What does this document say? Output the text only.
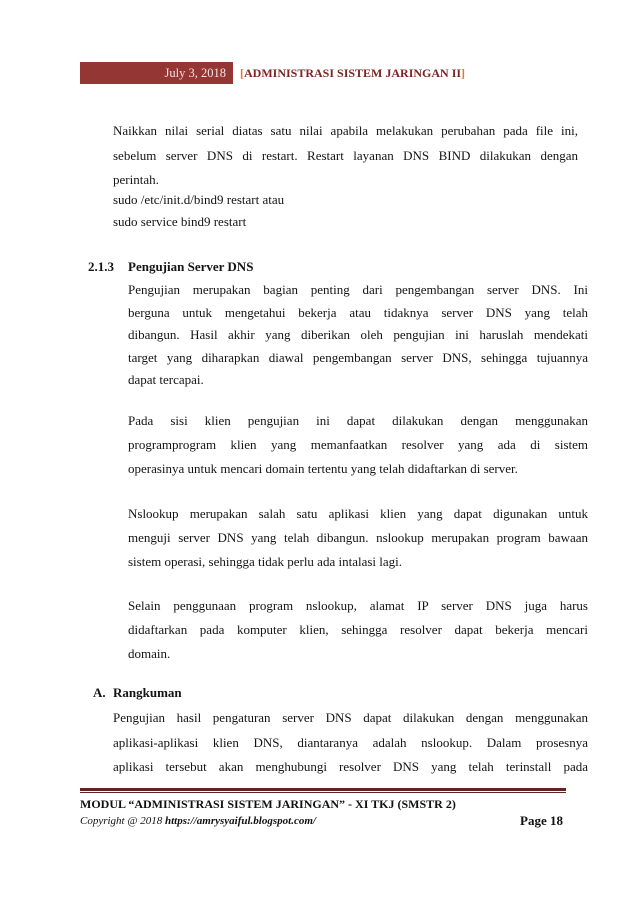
July 3, 2018	[ADMINISTRASI SISTEM JARINGAN II]
Naikkan nilai serial diatas satu nilai apabila melakukan perubahan pada file ini,
sebelum server DNS di restart. Restart layanan DNS BIND dilakukan dengan
perintah.
sudo /etc/init.d/bind9 restart atau
sudo service bind9 restart
2.1.3 Pengujian Server DNS
Pengujian merupakan bagian penting dari pengembangan server DNS. Ini
berguna untuk mengetahui bekerja atau tidaknya server DNS yang telah
dibangun. Hasil akhir yang diberikan oleh pengujian ini haruslah mendekati
target yang diharapkan diawal pengembangan server DNS, sehingga tujuannya
dapat tercapai.
Pada sisi klien pengujian ini dapat dilakukan dengan menggunakan
programprogram klien yang memanfaatkan resolver yang ada di sistem
operasinya untuk mencari domain tertentu yang telah didaftarkan di server.
Nslookup merupakan salah satu aplikasi klien yang dapat digunakan untuk
menguji server DNS yang telah dibangun. nslookup merupakan program bawaan
sistem operasi, sehingga tidak perlu ada intalasi lagi.
Selain penggunaan program nslookup, alamat IP server DNS juga harus
didaftarkan pada komputer klien, sehingga resolver dapat bekerja mencari
domain.
A. Rangkuman
Pengujian hasil pengaturan server DNS dapat dilakukan dengan menggunakan
aplikasi-aplikasi klien DNS, diantaranya adalah nslookup. Dalam prosesnya
aplikasi tersebut akan menghubungi resolver DNS yang telah terinstall pada
MODUL “ADMINISTRASI SISTEM JARINGAN” - XI TKJ (SMSTR 2)
Copyright @ 2018 https://amrysyaiful.blogspot.com/	Page 18
